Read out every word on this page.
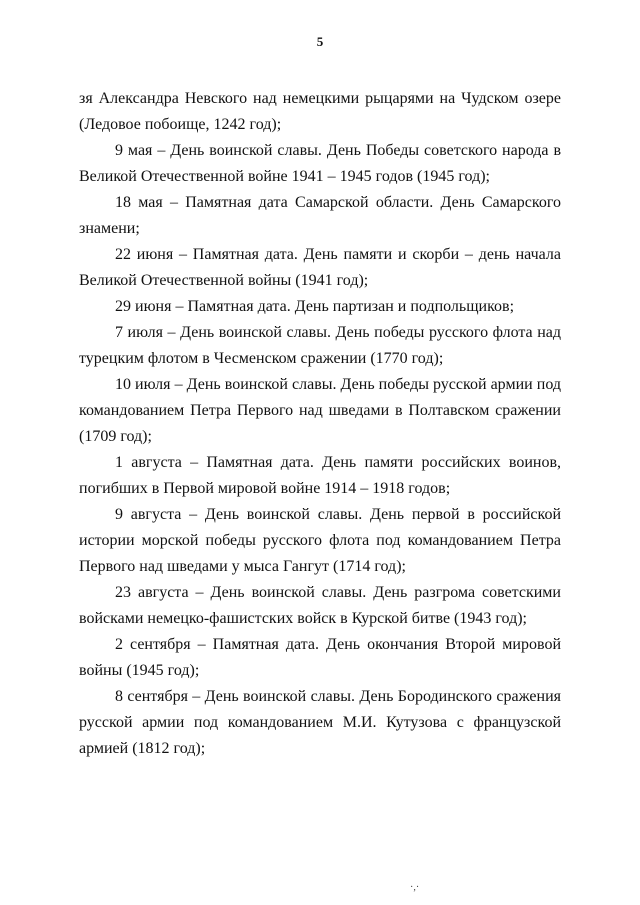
5

зя Александра Невского над немецкими рыцарями на Чудском озере (Ледовое побоище, 1242 год);

9 мая – День воинской славы. День Победы советского народа в Великой Отечественной войне 1941 – 1945 годов (1945 год);

18 мая – Памятная дата Самарской области. День Самарского знамени;

22 июня – Памятная дата. День памяти и скорби – день начала Великой Отечественной войны (1941 год);

29 июня – Памятная дата. День партизан и подпольщиков;

7 июля – День воинской славы. День победы русского флота над турецким флотом в Чесменском сражении (1770 год);

10 июля – День воинской славы. День победы русской армии под командованием Петра Первого над шведами в Полтавском сражении (1709 год);

1 августа – Памятная дата. День памяти российских воинов, погибших в Первой мировой войне 1914 – 1918 годов;

9 августа – День воинской славы. День первой в российской истории морской победы русского флота под командованием Петра Первого над шведами у мыса Гангут (1714 год);

23 августа – День воинской славы. День разгрома советскими войсками немецко-фашистских войск в Курской битве (1943 год);

2 сентября – Памятная дата. День окончания Второй мировой войны (1945 год);

8 сентября – День воинской славы. День Бородинского сражения русской армии под командованием М.И. Кутузова с французской армией (1812 год);

·,·
